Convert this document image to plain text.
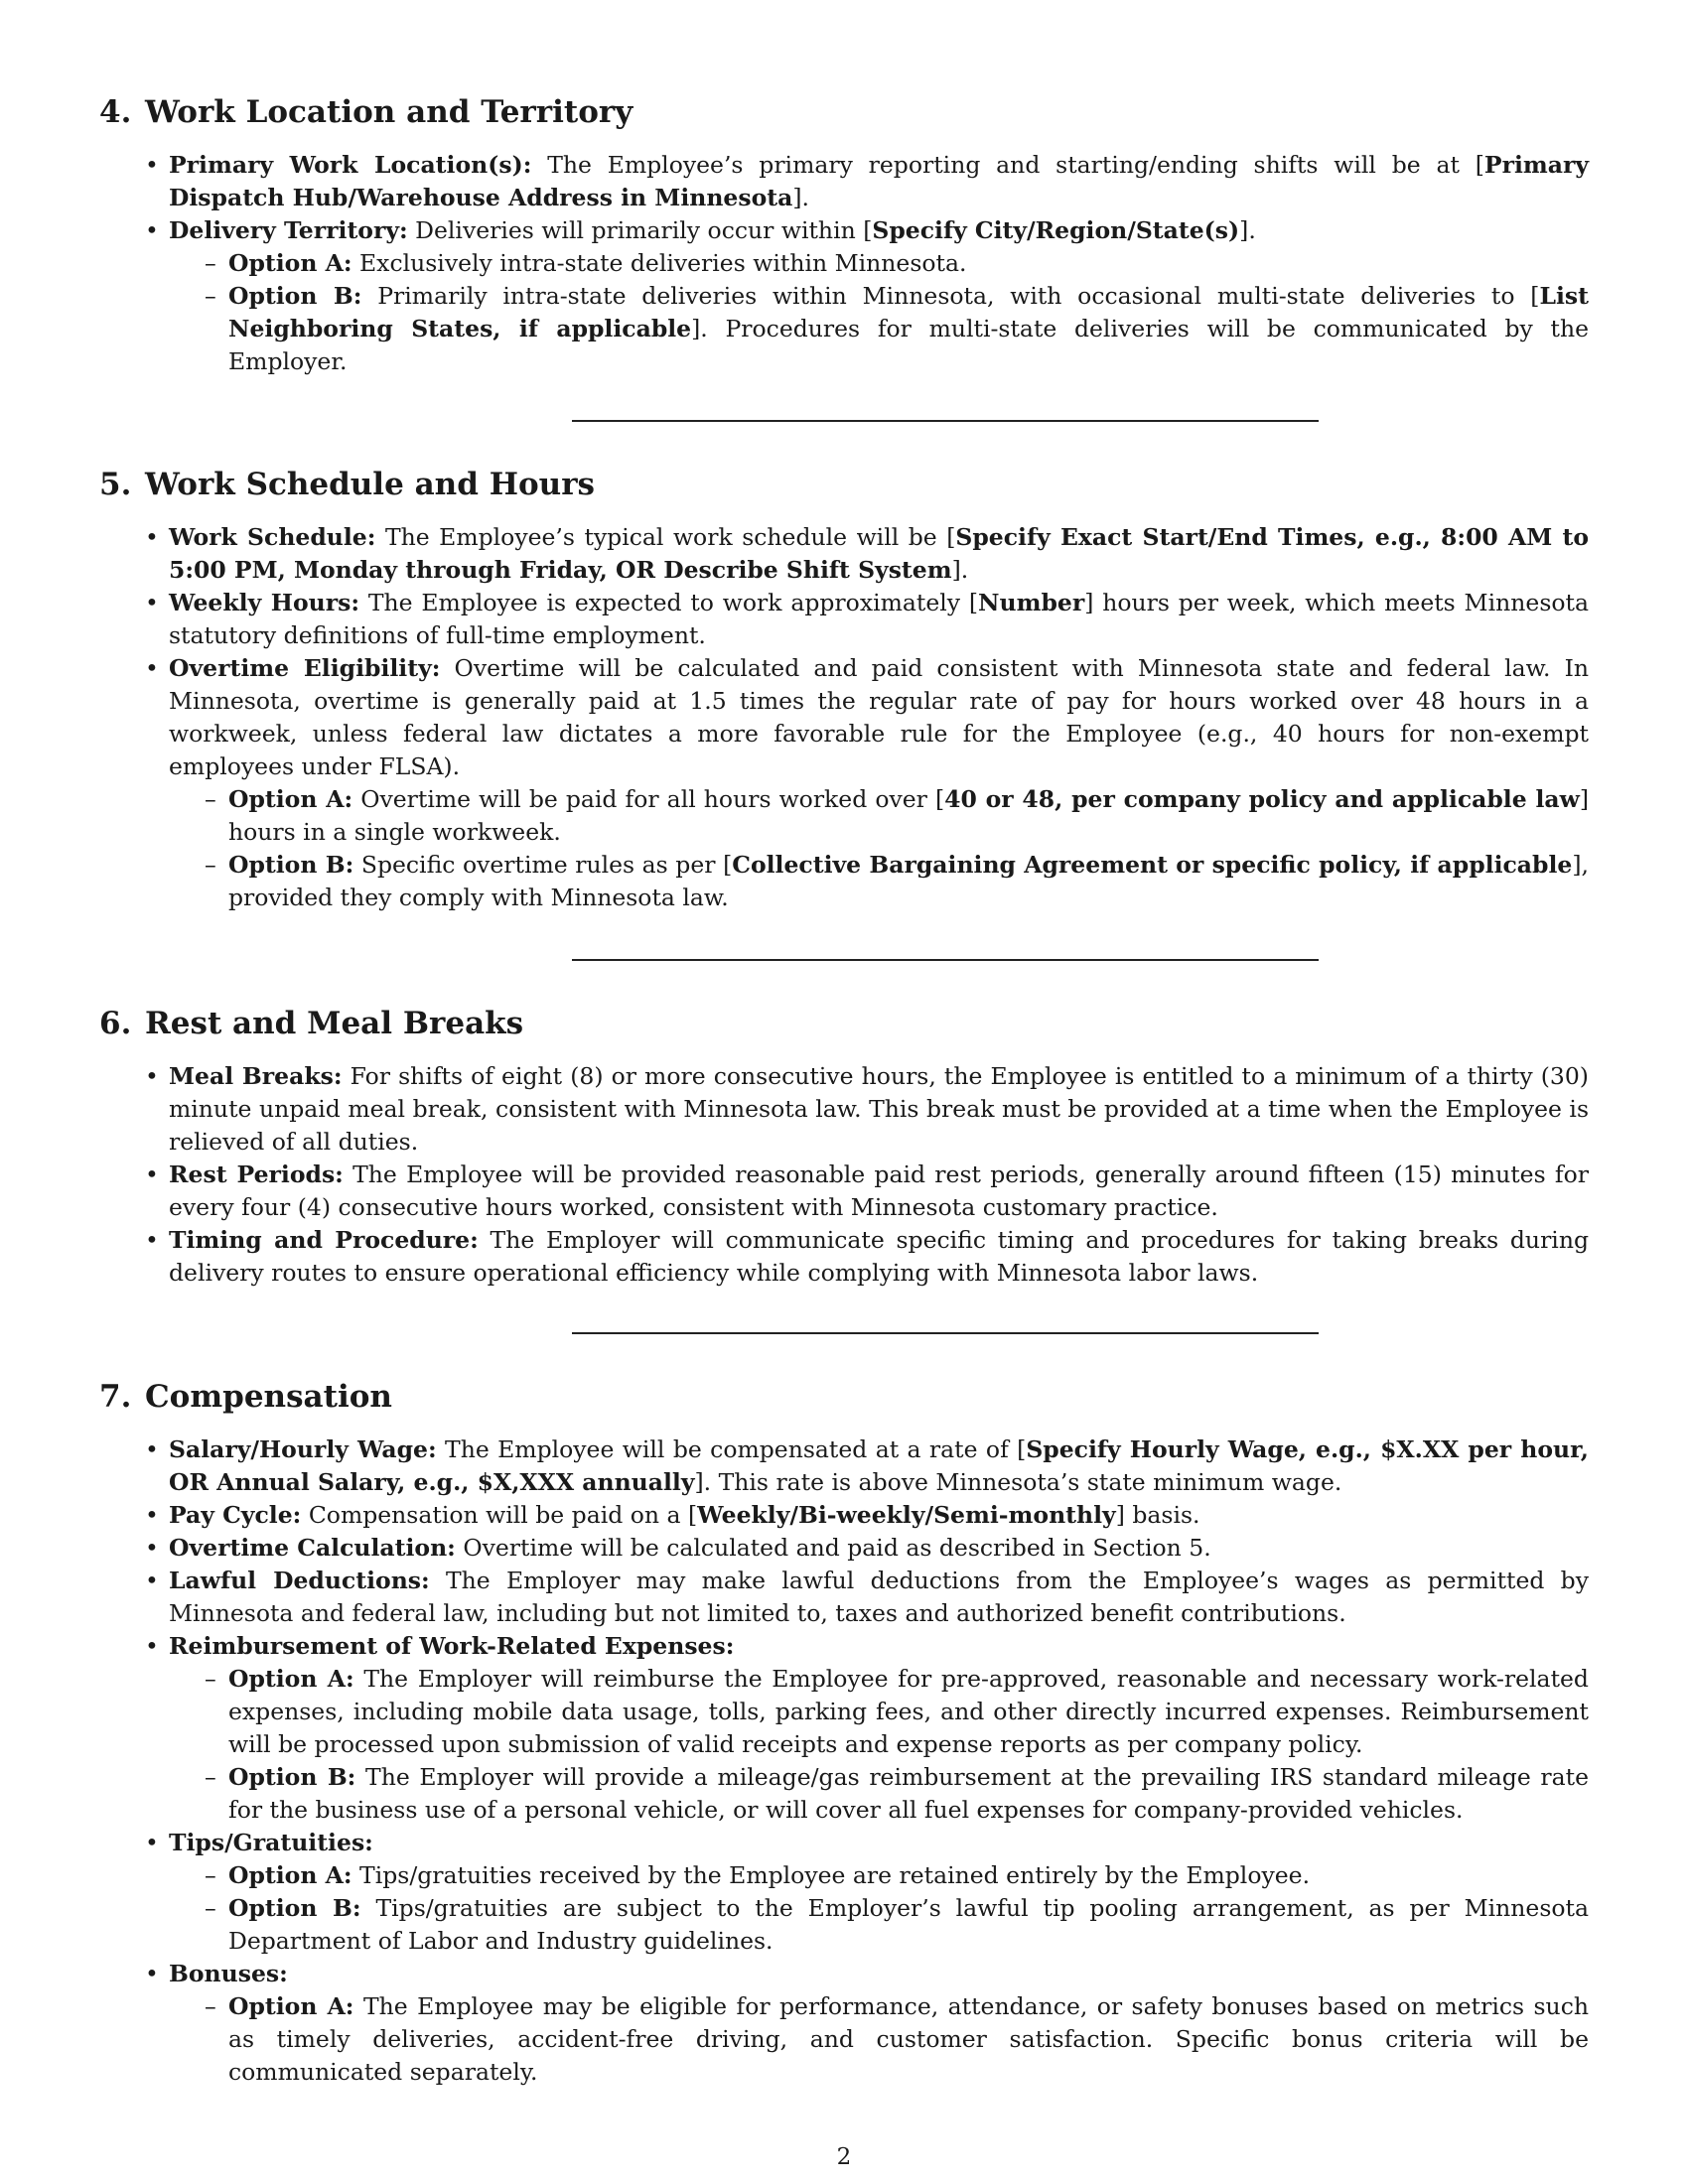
4. Work Location and Territory
• Primary Work Location(s): The Employee’s primary reporting and starting/ending shifts will be at [Primary Dispatch Hub/Warehouse Address in Minnesota].
• Delivery Territory: Deliveries will primarily occur within [Specify City/Region/State(s)].
– Option A: Exclusively intra-state deliveries within Minnesota.
– Option B: Primarily intra-state deliveries within Minnesota, with occasional multi-state deliveries to [List Neighboring States, if applicable]. Procedures for multi-state deliveries will be communicated by the Employer.
5. Work Schedule and Hours
• Work Schedule: The Employee’s typical work schedule will be [Specify Exact Start/End Times, e.g., 8:00 AM to 5:00 PM, Monday through Friday, OR Describe Shift System].
• Weekly Hours: The Employee is expected to work approximately [Number] hours per week, which meets Minnesota statutory definitions of full-time employment.
• Overtime Eligibility: Overtime will be calculated and paid consistent with Minnesota state and federal law. In Minnesota, overtime is generally paid at 1.5 times the regular rate of pay for hours worked over 48 hours in a workweek, unless federal law dictates a more favorable rule for the Employee (e.g., 40 hours for non-exempt employees under FLSA).
– Option A: Overtime will be paid for all hours worked over [40 or 48, per company policy and applicable law] hours in a single workweek.
– Option B: Specific overtime rules as per [Collective Bargaining Agreement or specific policy, if applicable], provided they comply with Minnesota law.
6. Rest and Meal Breaks
• Meal Breaks: For shifts of eight (8) or more consecutive hours, the Employee is entitled to a minimum of a thirty (30) minute unpaid meal break, consistent with Minnesota law. This break must be provided at a time when the Employee is relieved of all duties.
• Rest Periods: The Employee will be provided reasonable paid rest periods, generally around fifteen (15) minutes for every four (4) consecutive hours worked, consistent with Minnesota customary practice.
• Timing and Procedure: The Employer will communicate specific timing and procedures for taking breaks during delivery routes to ensure operational efficiency while complying with Minnesota labor laws.
7. Compensation
• Salary/Hourly Wage: The Employee will be compensated at a rate of [Specify Hourly Wage, e.g., $X.XX per hour, OR Annual Salary, e.g., $X,XXX annually]. This rate is above Minnesota’s state minimum wage.
• Pay Cycle: Compensation will be paid on a [Weekly/Bi-weekly/Semi-monthly] basis.
• Overtime Calculation: Overtime will be calculated and paid as described in Section 5.
• Lawful Deductions: The Employer may make lawful deductions from the Employee’s wages as permitted by Minnesota and federal law, including but not limited to, taxes and authorized benefit contributions.
• Reimbursement of Work-Related Expenses:
– Option A: The Employer will reimburse the Employee for pre-approved, reasonable and necessary work-related expenses, including mobile data usage, tolls, parking fees, and other directly incurred expenses. Reimbursement will be processed upon submission of valid receipts and expense reports as per company policy.
– Option B: The Employer will provide a mileage/gas reimbursement at the prevailing IRS standard mileage rate for the business use of a personal vehicle, or will cover all fuel expenses for company-provided vehicles.
• Tips/Gratuities:
– Option A: Tips/gratuities received by the Employee are retained entirely by the Employee.
– Option B: Tips/gratuities are subject to the Employer’s lawful tip pooling arrangement, as per Minnesota Department of Labor and Industry guidelines.
• Bonuses:
– Option A: The Employee may be eligible for performance, attendance, or safety bonuses based on metrics such as timely deliveries, accident-free driving, and customer satisfaction. Specific bonus criteria will be communicated separately.
2
